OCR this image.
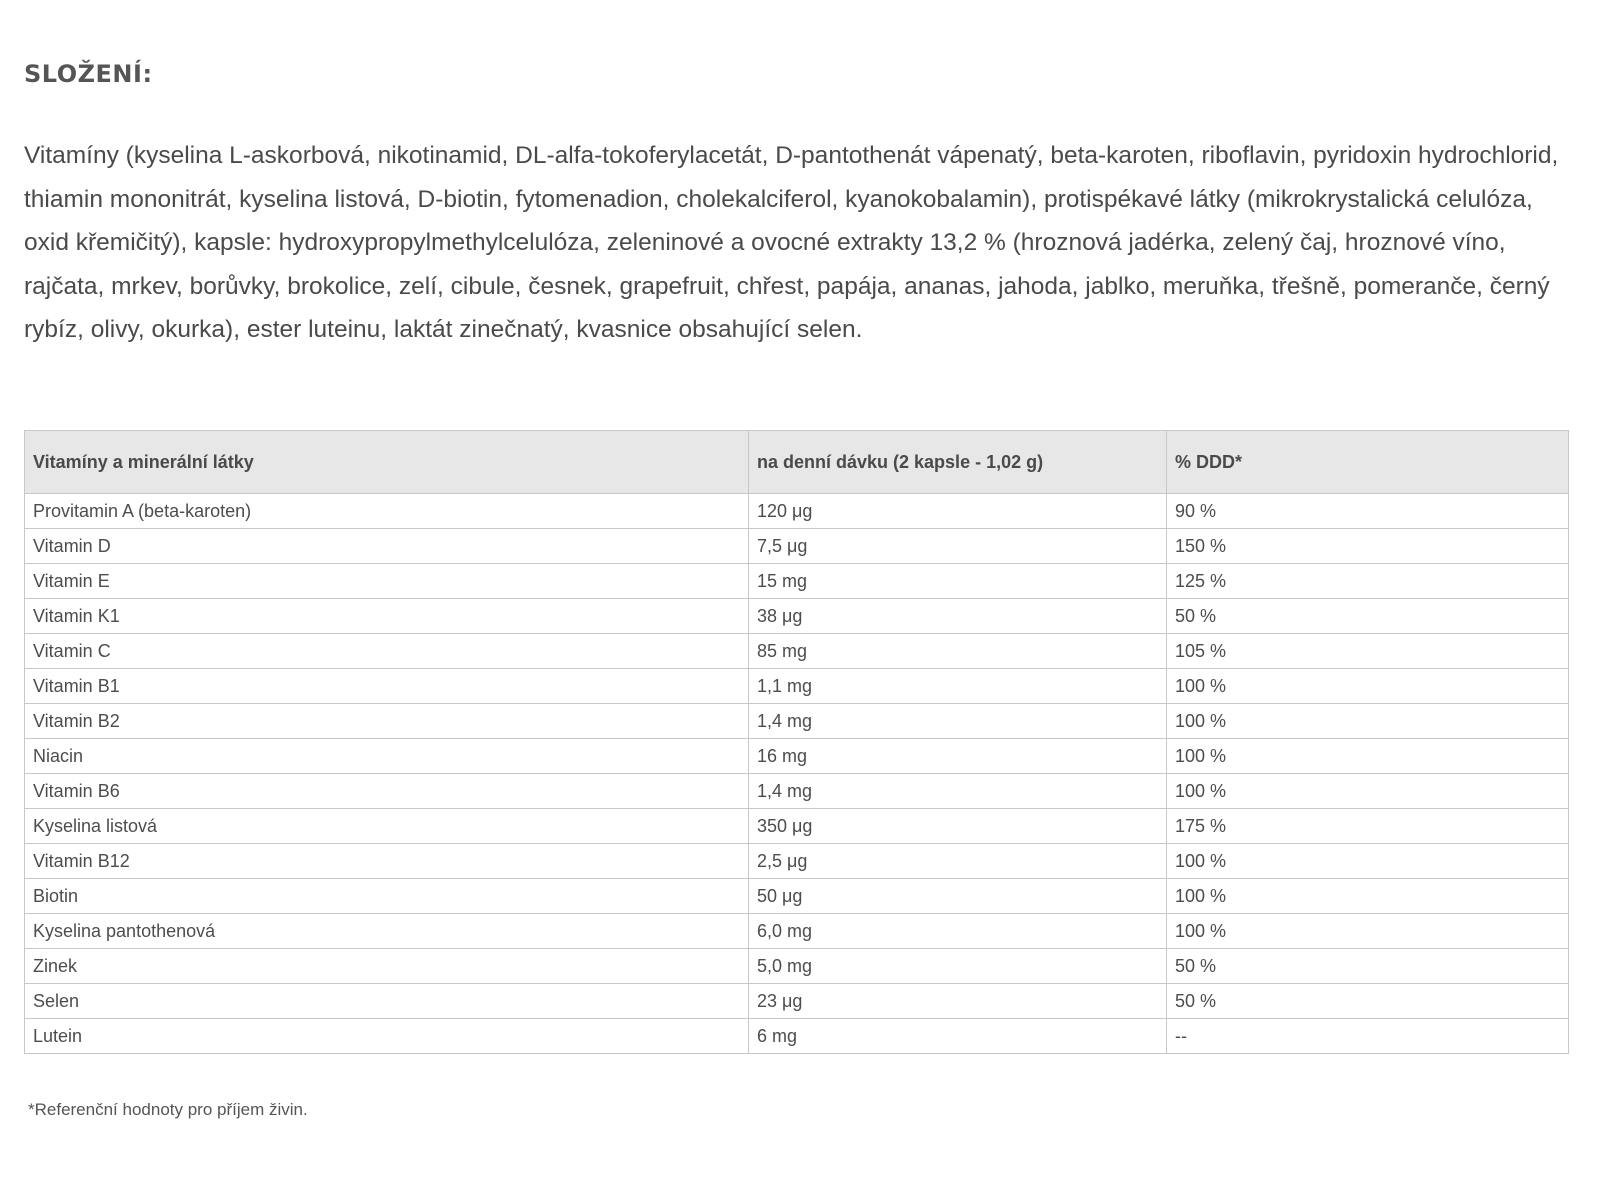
SLOŽENÍ:

Vitamíny (kyselina L-askorbová, nikotinamid, DL-alfa-tokoferylacetát, D-pantothenát vápenatý, beta-karoten, riboflavin, pyridoxin hydrochlorid, thiamin mononitrát, kyselina listová, D-biotin, fytomenadion, cholekalciferol, kyanokobalamin), protispékavé látky (mikrokrystalická celulóza, oxid křemičitý), kapsle: hydroxypropylmethylcelulóza, zeleninové a ovocné extrakty 13,2 % (hroznová jadérka, zelený čaj, hroznové víno, rajčata, mrkev, borůvky, brokolice, zelí, cibule, česnek, grapefruit, chřest, papája, ananas, jahoda, jablko, meruňka, třešně, pomeranče, černý rybíz, olivy, okurka), ester luteinu, laktát zinečnatý, kvasnice obsahující selen.

Vitamíny a minerální látky	na denní dávku (2 kapsle - 1,02 g)	% DDD*
Provitamin A (beta-karoten)	120 μg	90 %
Vitamin D	7,5 μg	150 %
Vitamin E	15 mg	125 %
Vitamin K1	38 μg	50 %
Vitamin C	85 mg	105 %
Vitamin B1	1,1 mg	100 %
Vitamin B2	1,4 mg	100 %
Niacin	16 mg	100 %
Vitamin B6	1,4 mg	100 %
Kyselina listová	350 μg	175 %
Vitamin B12	2,5 μg	100 %
Biotin	50 μg	100 %
Kyselina pantothenová	6,0 mg	100 %
Zinek	5,0 mg	50 %
Selen	23 μg	50 %
Lutein	6 mg	--

*Referenční hodnoty pro příjem živin.
